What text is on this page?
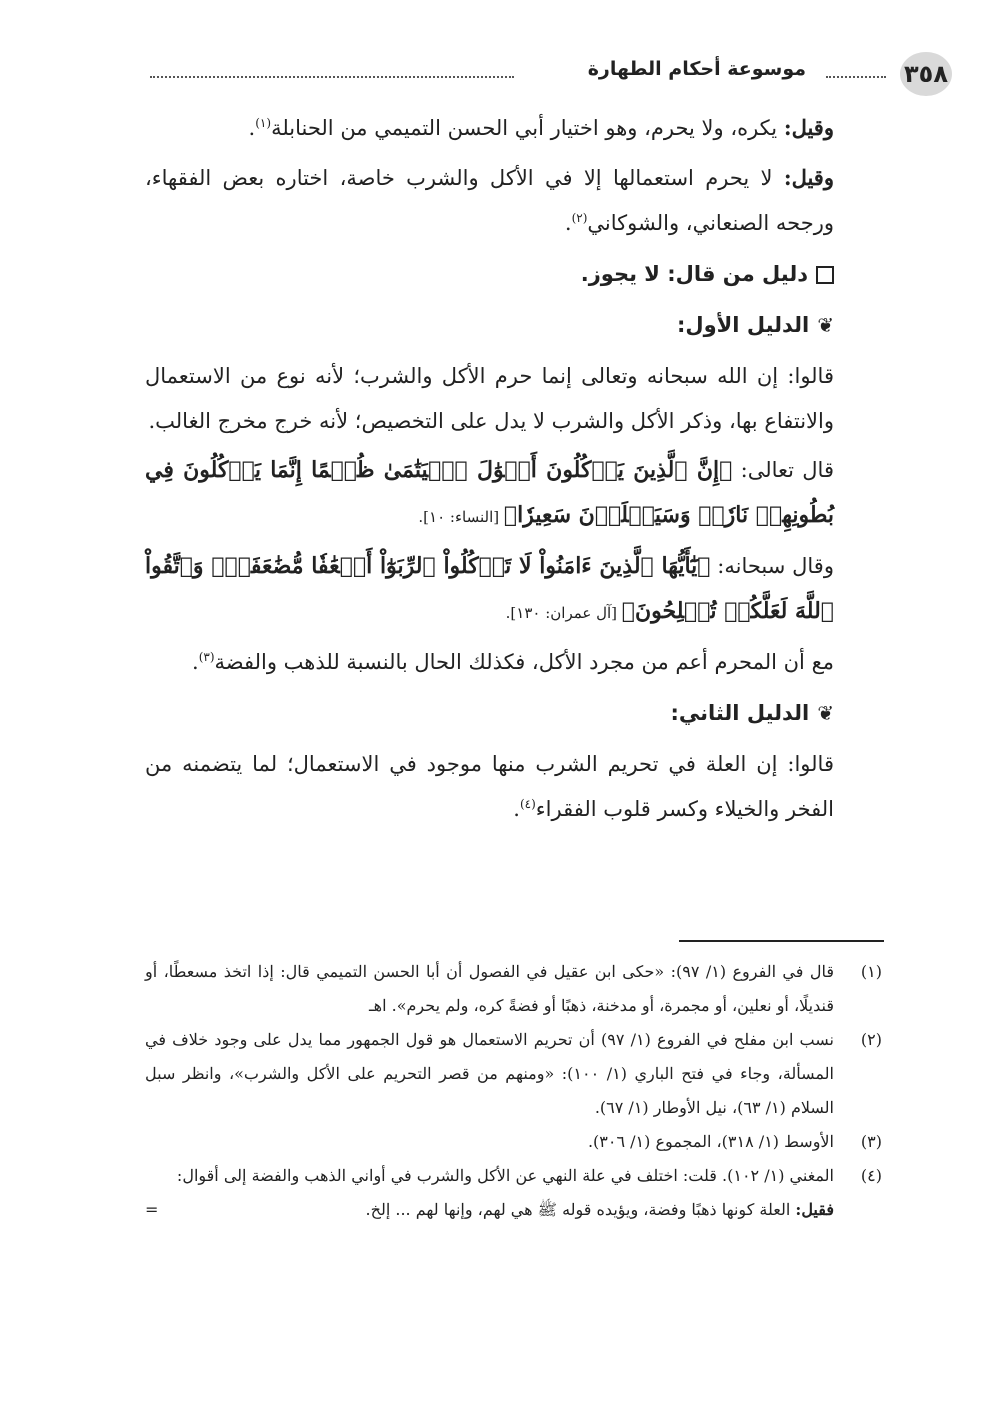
٣٥٨
موسوعة أحكام الطهارة

وقيل: يكره، ولا يحرم، وهو اختيار أبي الحسن التميمي من الحنابلة$^{(١)}$.

وقيل: لا يحرم استعمالها إلا في الأكل والشرب خاصة، اختاره بعض الفقهاء، ورجحه الصنعاني، والشوكاني$^{(٢)}$.

دليل من قال: لا يجوز.
❦الدليل الأول:

قالوا: إن الله سبحانه وتعالى إنما حرم الأكل والشرب؛ لأنه نوع من الاستعمال والانتفاع بها، وذكر الأكل والشرب لا يدل على التخصيص؛ لأنه خرج مخرج الغالب.

قال تعالى: ﴿إِنَّ ٱلَّذِينَ يَأۡكُلُونَ أَمۡوَٰلَ ٱلۡيَتَٰمَىٰ ظُلۡمًا إِنَّمَا يَأۡكُلُونَ فِي بُطُونِهِمۡ نَارٗاۖ وَسَيَصۡلَوۡنَ سَعِيرٗا﴾ [النساء: ١٠].

وقال سبحانه: ﴿يَٰٓأَيُّهَا ٱلَّذِينَ ءَامَنُواْ لَا تَأۡكُلُواْ ٱلرِّبَوٰٓاْ أَضۡعَٰفٗا مُّضَٰعَفَةٗۖ وَٱتَّقُواْ ٱللَّهَ لَعَلَّكُمۡ تُفۡلِحُونَ﴾ [آل عمران: ١٣٠].

مع أن المحرم أعم من مجرد الأكل، فكذلك الحال بالنسبة للذهب والفضة$^{(٣)}$.

❦الدليل الثاني:

قالوا: إن العلة في تحريم الشرب منها موجود في الاستعمال؛ لما يتضمنه من الفخر والخيلاء وكسر قلوب الفقراء$^{(٤)}$.

(١)
قال في الفروع (١/ ٩٧): «حكى ابن عقيل في الفصول أن أبا الحسن التميمي قال: إذا اتخذ مسعطًا، أو قنديلًا، أو نعلين، أو مجمرة، أو مدخنة، ذهبًا أو فضةً كره، ولم يحرم». اهـ
(٢)
نسب ابن مفلح في الفروع (١/ ٩٧) أن تحريم الاستعمال هو قول الجمهور مما يدل على وجود خلاف في المسألة، وجاء في فتح الباري (١/ ١٠٠): «ومنهم من قصر التحريم على الأكل والشرب»، وانظر سبل السلام (١/ ٦٣)، نيل الأوطار (١/ ٦٧).
(٣)
الأوسط (١/ ٣١٨)، المجموع (١/ ٣٠٦).
(٤)
المغني (١/ ١٠٢). قلت: اختلف في علة النهي عن الأكل والشرب في أواني الذهب والفضة إلى أقوال:
فقيل: العلة كونها ذهبًا وفضة، ويؤيده قوله ﷺ هي لهم، وإنها لهم ... إلخ.
=
